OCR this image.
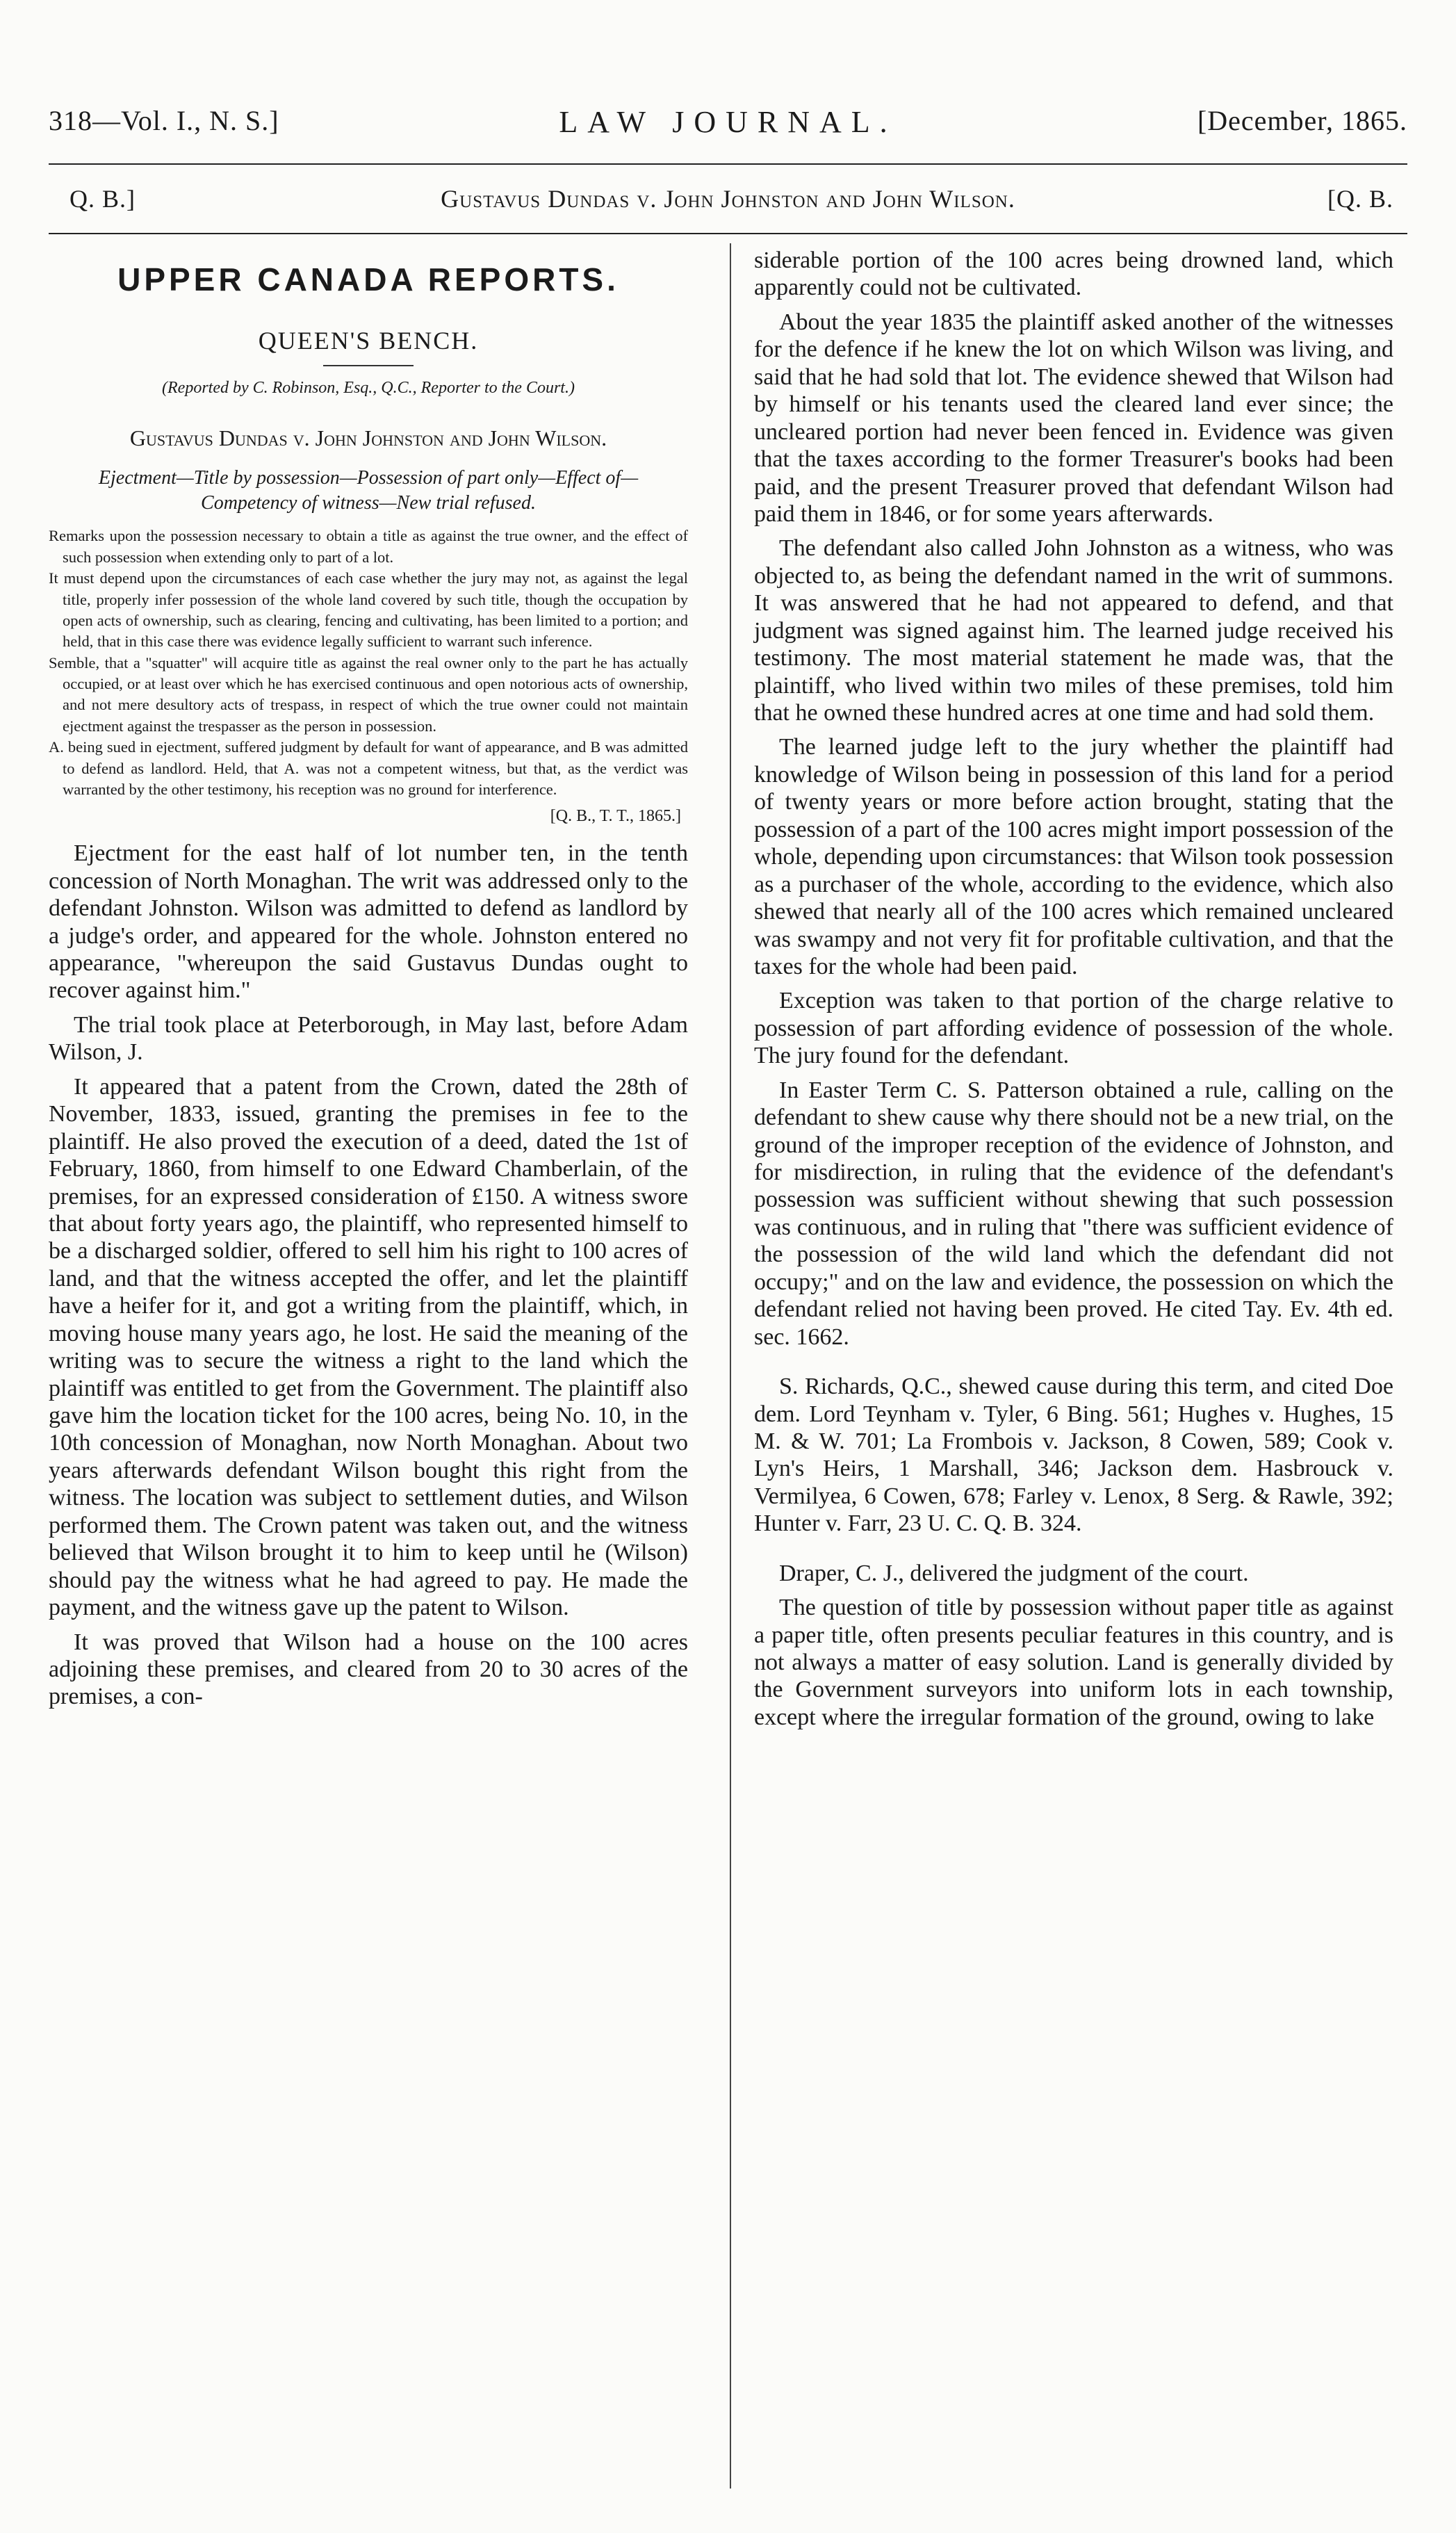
318—Vol. I., N. S.]	LAW JOURNAL.	[December, 1865.
Q. B.]	Gustavus Dundas v. John Johnston and John Wilson.	[Q. B.
UPPER CANADA REPORTS.
QUEEN'S BENCH.
(Reported by C. Robinson, Esq., Q.C., Reporter to the Court.)
Gustavus Dundas v. John Johnston and John Wilson.
Ejectment—Title by possession—Possession of part only—Effect of—Competency of witness—New trial refused.

Remarks upon the possession necessary to obtain a title as against the true owner, and the effect of such possession when extending only to part of a lot.

It must depend upon the circumstances of each case whether the jury may not, as against the legal title, properly infer possession of the whole land covered by such title, though the occupation by open acts of ownership, such as clearing, fencing and cultivating, has been limited to a portion; and held, that in this case there was evidence legally sufficient to warrant such inference.

Semble, that a "squatter" will acquire title as against the real owner only to the part he has actually occupied, or at least over which he has exercised continuous and open notorious acts of ownership, and not mere desultory acts of trespass, in respect of which the true owner could not maintain ejectment against the trespasser as the person in possession.

A. being sued in ejectment, suffered judgment by default for want of appearance, and B was admitted to defend as landlord. Held, that A. was not a competent witness, but that, as the verdict was warranted by the other testimony, his reception was no ground for interference.

[Q. B., T. T., 1865.]

Ejectment for the east half of lot number ten, in the tenth concession of North Monaghan. The writ was addressed only to the defendant Johnston. Wilson was admitted to defend as landlord by a judge's order, and appeared for the whole. Johnston entered no appearance, "whereupon the said Gustavus Dundas ought to recover against him."

The trial took place at Peterborough, in May last, before Adam Wilson, J.

It appeared that a patent from the Crown, dated the 28th of November, 1833, issued, granting the premises in fee to the plaintiff. He also proved the execution of a deed, dated the 1st of February, 1860, from himself to one Edward Chamberlain, of the premises, for an expressed consideration of £150. A witness swore that about forty years ago, the plaintiff, who represented himself to be a discharged soldier, offered to sell him his right to 100 acres of land, and that the witness accepted the offer, and let the plaintiff have a heifer for it, and got a writing from the plaintiff, which, in moving house many years ago, he lost. He said the meaning of the writing was to secure the witness a right to the land which the plaintiff was entitled to get from the Government. The plaintiff also gave him the location ticket for the 100 acres, being No. 10, in the 10th concession of Monaghan, now North Monaghan. About two years afterwards defendant Wilson bought this right from the witness. The location was subject to settlement duties, and Wilson performed them. The Crown patent was taken out, and the witness believed that Wilson brought it to him to keep until he (Wilson) should pay the witness what he had agreed to pay. He made the payment, and the witness gave up the patent to Wilson.

It was proved that Wilson had a house on the 100 acres adjoining these premises, and cleared from 20 to 30 acres of the premises, a con-

siderable portion of the 100 acres being drowned land, which apparently could not be cultivated.

About the year 1835 the plaintiff asked another of the witnesses for the defence if he knew the lot on which Wilson was living, and said that he had sold that lot. The evidence shewed that Wilson had by himself or his tenants used the cleared land ever since; the uncleared portion had never been fenced in. Evidence was given that the taxes according to the former Treasurer's books had been paid, and the present Treasurer proved that defendant Wilson had paid them in 1846, or for some years afterwards.

The defendant also called John Johnston as a witness, who was objected to, as being the defendant named in the writ of summons. It was answered that he had not appeared to defend, and that judgment was signed against him. The learned judge received his testimony. The most material statement he made was, that the plaintiff, who lived within two miles of these premises, told him that he owned these hundred acres at one time and had sold them.

The learned judge left to the jury whether the plaintiff had knowledge of Wilson being in possession of this land for a period of twenty years or more before action brought, stating that the possession of a part of the 100 acres might import possession of the whole, depending upon circumstances: that Wilson took possession as a purchaser of the whole, according to the evidence, which also shewed that nearly all of the 100 acres which remained uncleared was swampy and not very fit for profitable cultivation, and that the taxes for the whole had been paid.

Exception was taken to that portion of the charge relative to possession of part affording evidence of possession of the whole. The jury found for the defendant.

In Easter Term C. S. Patterson obtained a rule, calling on the defendant to shew cause why there should not be a new trial, on the ground of the improper reception of the evidence of Johnston, and for misdirection, in ruling that the evidence of the defendant's possession was sufficient without shewing that such possession was continuous, and in ruling that "there was sufficient evidence of the possession of the wild land which the defendant did not occupy;" and on the law and evidence, the possession on which the defendant relied not having been proved. He cited Tay. Ev. 4th ed. sec. 1662.

S. Richards, Q.C., shewed cause during this term, and cited Doe dem. Lord Teynham v. Tyler, 6 Bing. 561; Hughes v. Hughes, 15 M. & W. 701; La Frombois v. Jackson, 8 Cowen, 589; Cook v. Lyn's Heirs, 1 Marshall, 346; Jackson dem. Hasbrouck v. Vermilyea, 6 Cowen, 678; Farley v. Lenox, 8 Serg. & Rawle, 392; Hunter v. Farr, 23 U. C. Q. B. 324.

Draper, C. J., delivered the judgment of the court.

The question of title by possession without paper title as against a paper title, often presents peculiar features in this country, and is not always a matter of easy solution. Land is generally divided by the Government surveyors into uniform lots in each township, except where the irregular formation of the ground, owing to lake
